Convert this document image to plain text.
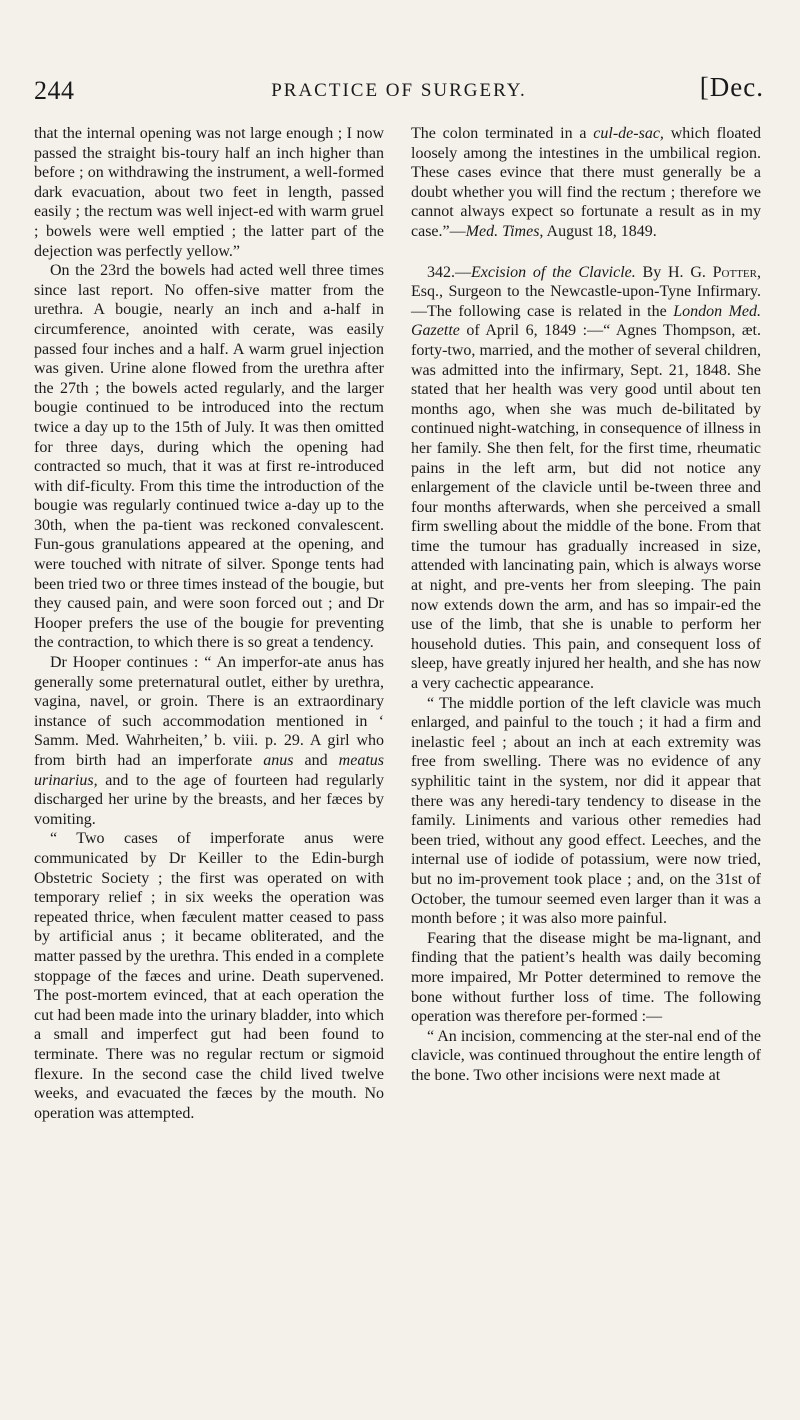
244	PRACTICE OF SURGERY.	[Dec.

that the internal opening was not large enough ; I now passed the straight bis-toury half an inch higher than before ; on withdrawing the instrument, a well-formed dark evacuation, about two feet in length, passed easily ; the rectum was well inject-ed with warm gruel ; bowels were well emptied ; the latter part of the dejection was perfectly yellow.”

On the 23rd the bowels had acted well three times since last report. No offen-sive matter from the urethra. A bougie, nearly an inch and a-half in circumference, anointed with cerate, was easily passed four inches and a half. A warm gruel injection was given. Urine alone flowed from the urethra after the 27th ; the bowels acted regularly, and the larger bougie continued to be introduced into the rectum twice a day up to the 15th of July. It was then omitted for three days, during which the opening had contracted so much, that it was at first re-introduced with dif-ficulty. From this time the introduction of the bougie was regularly continued twice a-day up to the 30th, when the pa-tient was reckoned convalescent. Fun-gous granulations appeared at the opening, and were touched with nitrate of silver. Sponge tents had been tried two or three times instead of the bougie, but they caused pain, and were soon forced out ; and Dr Hooper prefers the use of the bougie for preventing the contraction, to which there is so great a tendency.

Dr Hooper continues : “ An imperfor-ate anus has generally some preternatural outlet, either by urethra, vagina, navel, or groin. There is an extraordinary instance of such accommodation mentioned in ‘ Samm. Med. Wahrheiten,’ b. viii. p. 29. A girl who from birth had an imperforate anus and meatus urinarius, and to the age of fourteen had regularly discharged her urine by the breasts, and her fæces by vomiting.

“ Two cases of imperforate anus were communicated by Dr Keiller to the Edin-burgh Obstetric Society ; the first was operated on with temporary relief ; in six weeks the operation was repeated thrice, when fæculent matter ceased to pass by artificial anus ; it became obliterated, and the matter passed by the urethra. This ended in a complete stoppage of the fæces and urine. Death supervened. The post-mortem evinced, that at each operation the cut had been made into the urinary bladder, into which a small and imperfect gut had been found to terminate. There was no regular rectum or sigmoid flexure. In the second case the child lived twelve weeks, and evacuated the fæces by the mouth. No operation was attempted.

The colon terminated in a cul-de-sac, which floated loosely among the intestines in the umbilical region. These cases evince that there must generally be a doubt whether you will find the rectum ; therefore we cannot always expect so fortunate a result as in my case.”—Med. Times, August 18, 1849.

342.—Excision of the Clavicle. By H. G. Potter, Esq., Surgeon to the Newcastle-upon-Tyne Infirmary. —The following case is related in the London Med. Gazette of April 6, 1849 :—“ Agnes Thompson, æt. forty-two, married, and the mother of several children, was admitted into the infirmary, Sept. 21, 1848. She stated that her health was very good until about ten months ago, when she was much de-bilitated by continued night-watching, in consequence of illness in her family. She then felt, for the first time, rheumatic pains in the left arm, but did not notice any enlargement of the clavicle until be-tween three and four months afterwards, when she perceived a small firm swelling about the middle of the bone. From that time the tumour has gradually increased in size, attended with lancinating pain, which is always worse at night, and pre-vents her from sleeping. The pain now extends down the arm, and has so impair-ed the use of the limb, that she is unable to perform her household duties. This pain, and consequent loss of sleep, have greatly injured her health, and she has now a very cachectic appearance.

“ The middle portion of the left clavicle was much enlarged, and painful to the touch ; it had a firm and inelastic feel ; about an inch at each extremity was free from swelling. There was no evidence of any syphilitic taint in the system, nor did it appear that there was any heredi-tary tendency to disease in the family. Liniments and various other remedies had been tried, without any good effect. Leeches, and the internal use of iodide of potassium, were now tried, but no im-provement took place ; and, on the 31st of October, the tumour seemed even larger than it was a month before ; it was also more painful.

Fearing that the disease might be ma-lignant, and finding that the patient’s health was daily becoming more impaired, Mr Potter determined to remove the bone without further loss of time. The following operation was therefore per-formed :—

“ An incision, commencing at the ster-nal end of the clavicle, was continued throughout the entire length of the bone. Two other incisions were next made at
